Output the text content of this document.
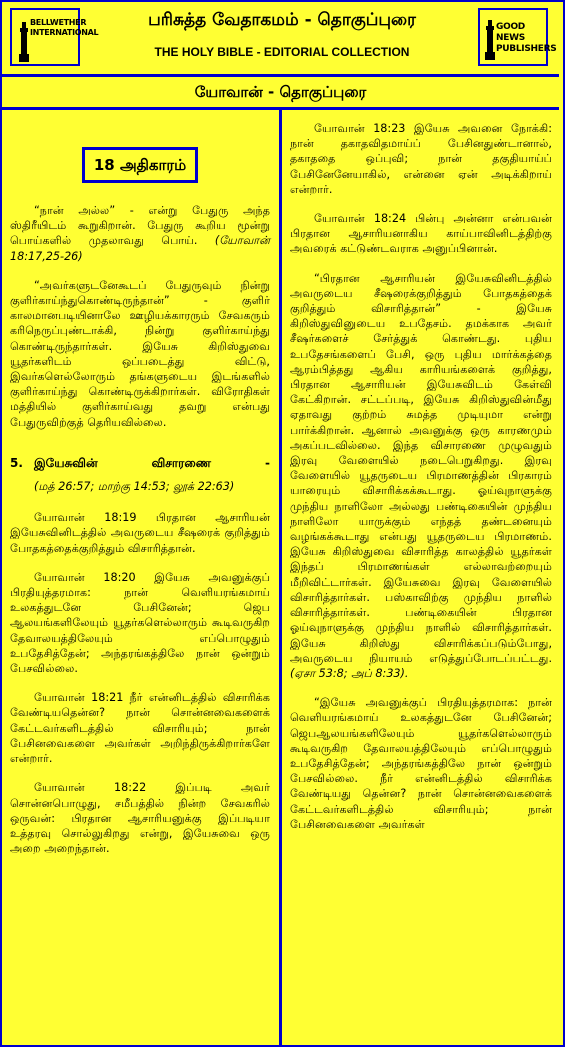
BELLWETHER
INTERNATIONAL
பரிசுத்த வேதாகமம் - தொகுப்புரை
THE HOLY BIBLE - EDITORIAL COLLECTION
GOOD NEWS
PUBLISHERS
யோவான் - தொகுப்புரை
18 அதிகாரம்

“நான் அல்ல” - என்று பேதுரு அந்த ஸ்திரீயிடம் கூறுகிறான். பேதுரு கூறிய மூன்று பொய்களில் முதலாவது பொய். (யோவான் 18:17,25-26)

“அவர்களுடனேகூடப் பேதுருவும் நின்று குளிர்காய்ந்துகொண்டிருந்தான்” - குளிர் காலமானபடியினாலே ஊழியக்காரரும் சேவகரும் கரிநெருப்புண்டாக்கி, நின்று குளிர்காய்ந்து கொண்டிருந்தார்கள். இயேசு கிறிஸ்துவை யூதர்களிடம் ஒப்படைத்து விட்டு, இவர்களெல்லோரும் தங்களுடைய இடங்களில் குளிர்காய்ந்து கொண்டிருக்கிறார்கள். விரோதிகள் மத்தியில் குளிர்காய்வது தவறு என்பது பேதுருவிற்குத் தெரியவில்லை.

5. இயேசுவின் விசாரணை -
(மத் 26:57; மாற்கு 14:53; லூக் 22:63)

யோவான் 18:19 பிரதான ஆசாரியன் இயேசுவினிடத்தில் அவருடைய சீஷரைக் குறித்தும் போதகத்தைக்குறித்தும் விசாரித்தான்.

யோவான் 18:20 இயேசு அவனுக்குப் பிரதியுத்தரமாக: நான் வெளியரங்கமாய் உலகத்துடனே பேசினேன்; ஜெப ஆலயங்களிலேயும் யூதர்களெல்லாரும் கூடிவருகிற தேவாலயத்திலேயும் எப்பொழுதும் உபதேசித்தேன்; அந்தரங்கத்திலே நான் ஒன்றும் பேசவில்லை.

யோவான் 18:21 நீர் என்னிடத்தில் விசாரிக்க வேண்டியதென்ன? நான் சொன்னவைகளைக் கேட்டவர்களிடத்தில் விசாரியும்; நான் பேசினவைகளை அவர்கள் அறிந்திருக்கிறார்களே என்றார்.

யோவான் 18:22 இப்படி அவர் சொன்னபொழுது, சமீபத்தில் நின்ற சேவகரில் ஒருவன்: பிரதான ஆசாரியனுக்கு இப்படியா உத்தரவு சொல்லுகிறது என்று, இயேசுவை ஒரு அறை அறைந்தான்.

யோவான் 18:23 இயேசு அவனை நோக்கி: நான் தகாதவிதமாய்ப் பேசினதுண்டானால், தகாததை ஒப்புவி; நான் தகுதியாய்ப் பேசினேனேயாகில், என்னை ஏன் அடிக்கிறாய் என்றார்.

யோவான் 18:24 பின்பு அன்னா என்பவன் பிரதான ஆசாரியனாகிய காய்பாவினிடத்திற்கு அவரைக் கட்டுண்டவராக அனுப்பினான்.

“பிரதான ஆசாரியன் இயேசுவினிடத்தில் அவருடைய சீஷரைக்குறித்தும் போதகத்தைக் குறித்தும் விசாரித்தான்” - இயேசு கிறிஸ்துவினுடைய உபதேசம். தமக்காக அவர் சீஷர்களைச் சேர்த்துக் கொண்டது. புதிய உபதேசங்களைப் பேசி, ஒரு புதிய மார்க்கத்தை ஆரம்பித்தது ஆகிய காரியங்களைக் குறித்து, பிரதான ஆசாரியன் இயேசுவிடம் கேள்வி கேட்கிறான். சட்டப்படி, இயேசு கிறிஸ்துவின்மீது ஏதாவது குற்றம் சுமத்த முடியுமா என்று பார்க்கிறான். ஆனால் அவனுக்கு ஒரு காரணமும் அகப்படவில்லை. இந்த விசாரணை முழுவதும் இரவு வேளையில் நடைபெறுகிறது. இரவு வேளையில் யூதருடைய பிரமாணத்தின் பிரகாரம் யாரையும் விசாரிக்கக்கூடாது. ஓய்வுநாளுக்கு முந்திய நாளிலோ அல்லது பண்டிகையின் முந்திய நாளிலோ யாருக்கும் எந்தத் தண்டனையும் வழங்கக்கூடாது என்பது யூதருடைய பிரமாணம். இயேசு கிறிஸ்துவை விசாரித்த காலத்தில் யூதர்கள் இந்தப் பிரமாணங்கள் எல்லாவற்றையும் மீறிவிட்டார்கள். இயேசுவை இரவு வேளையில் விசாரித்தார்கள். பஸ்காவிற்கு முந்திய நாளில் விசாரித்தார்கள். பண்டிகையின் பிரதான ஓய்வுநாளுக்கு முந்திய நாளில் விசாரித்தார்கள். இயேசு கிறிஸ்து விசாரிக்கப்படும்போது, அவருடைய நியாயம் எடுத்துப்போடப்பட்டது. (ஏசா 53:8; அப் 8:33).

“இயேசு அவனுக்குப் பிரதியுத்தரமாக: நான் வெளியரங்கமாய் உலகத்துடனே பேசினேன்; ஜெபஆலயங்களிலேயும் யூதர்களெல்லாரும் கூடிவருகிற தேவாலயத்திலேயும் எப்பொழுதும் உபதேசித்தேன்; அந்தரங்கத்திலே நான் ஒன்றும் பேசவில்லை. நீர் என்னிடத்தில் விசாரிக்க வேண்டியது தென்ன? நான் சொன்னவைகளைக் கேட்டவர்களிடத்தில் விசாரியும்; நான் பேசினவைகளை அவர்கள்
